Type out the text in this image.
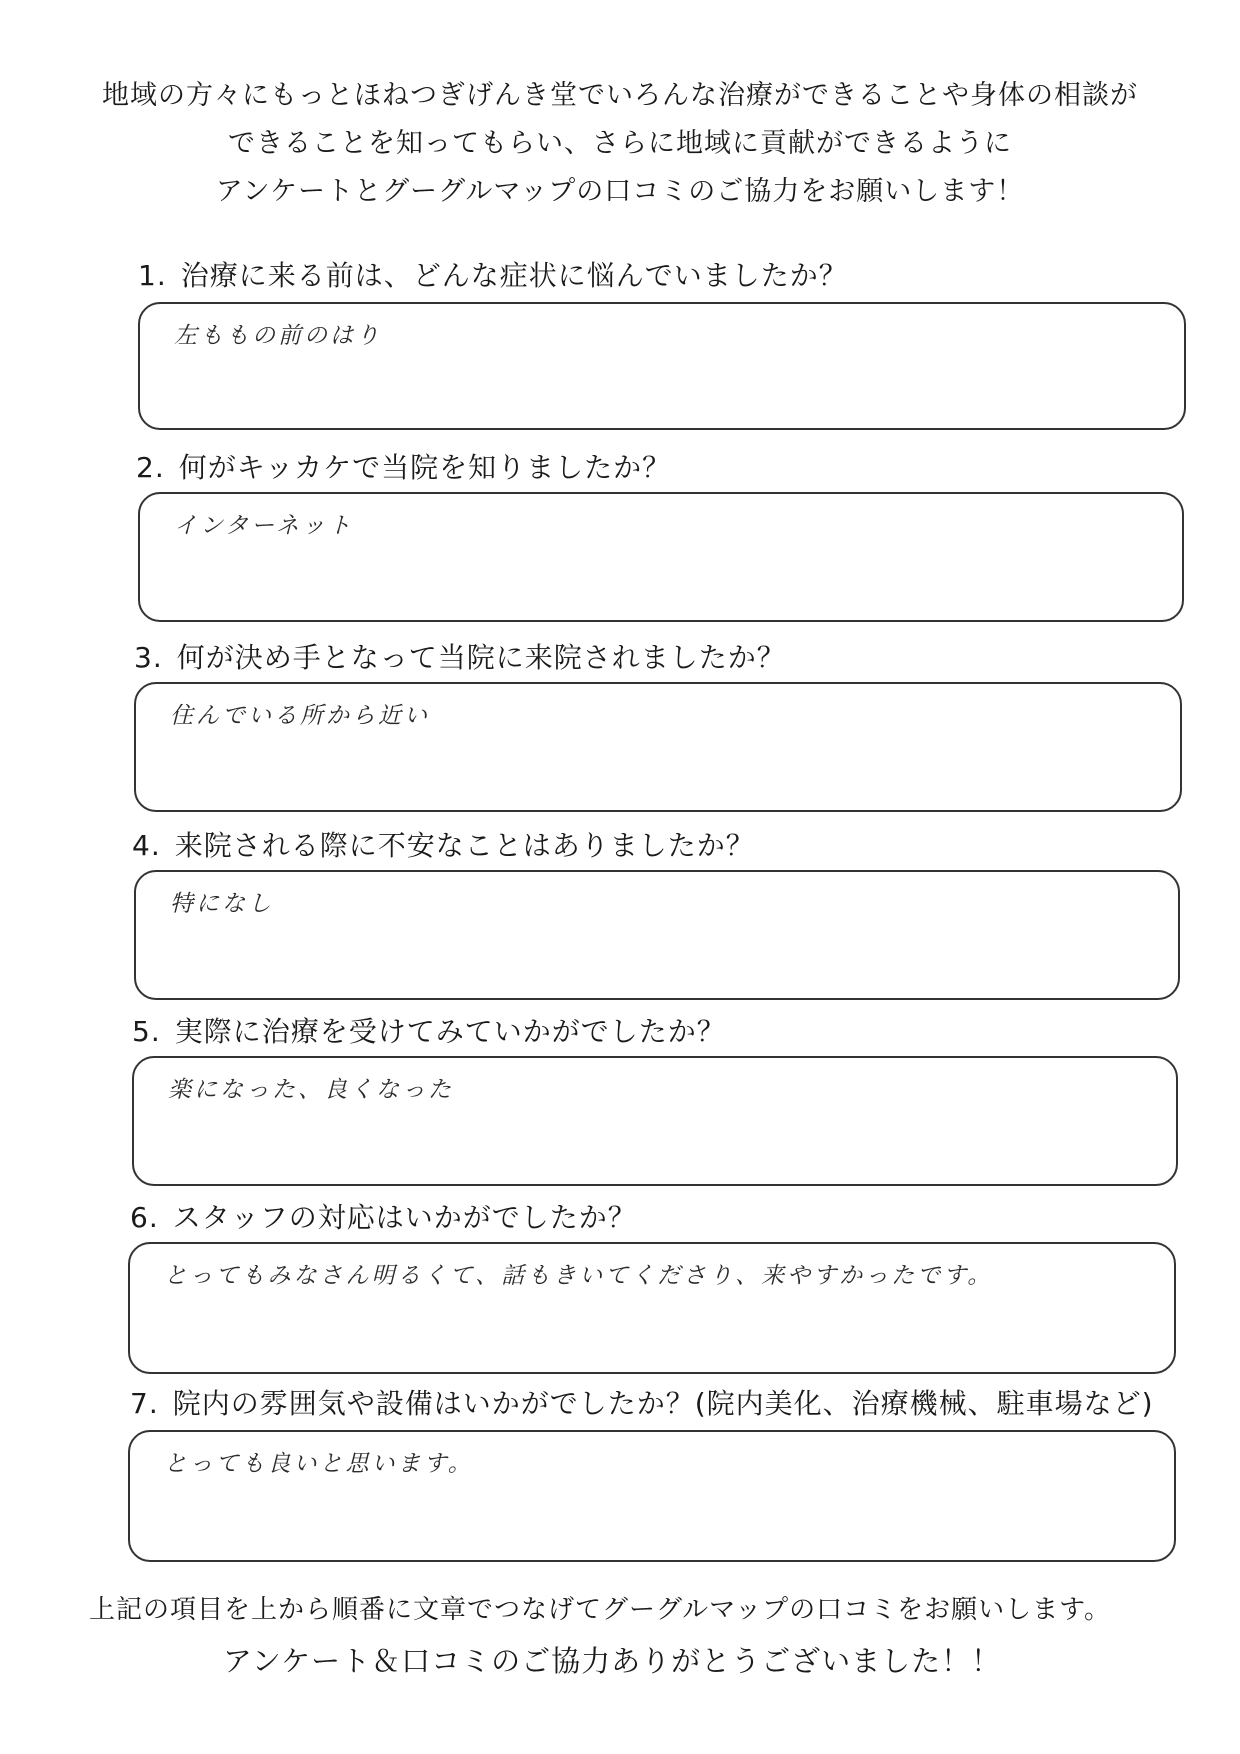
地域の方々にもっとほねつぎげんき堂でいろんな治療ができることや身体の相談が
できることを知ってもらい、さらに地域に貢献ができるように
アンケートとグーグルマップの口コミのご協力をお願いします！
1. 治療に来る前は、どんな症状に悩んでいましたか？
左ももの前のはり
2. 何がキッカケで当院を知りましたか？
インターネット
3. 何が決め手となって当院に来院されましたか？
住んでいる所から近い
4. 来院される際に不安なことはありましたか？
特になし
5. 実際に治療を受けてみていかがでしたか？
楽になった、良くなった
6. スタッフの対応はいかがでしたか？
とってもみなさん明るくて、話もきいてくださり、来やすかったです。
7. 院内の雰囲気や設備はいかがでしたか？(院内美化、治療機械、駐車場など)
とっても良いと思います。
上記の項目を上から順番に文章でつなげてグーグルマップの口コミをお願いします。
アンケート＆口コミのご協力ありがとうございました！！
